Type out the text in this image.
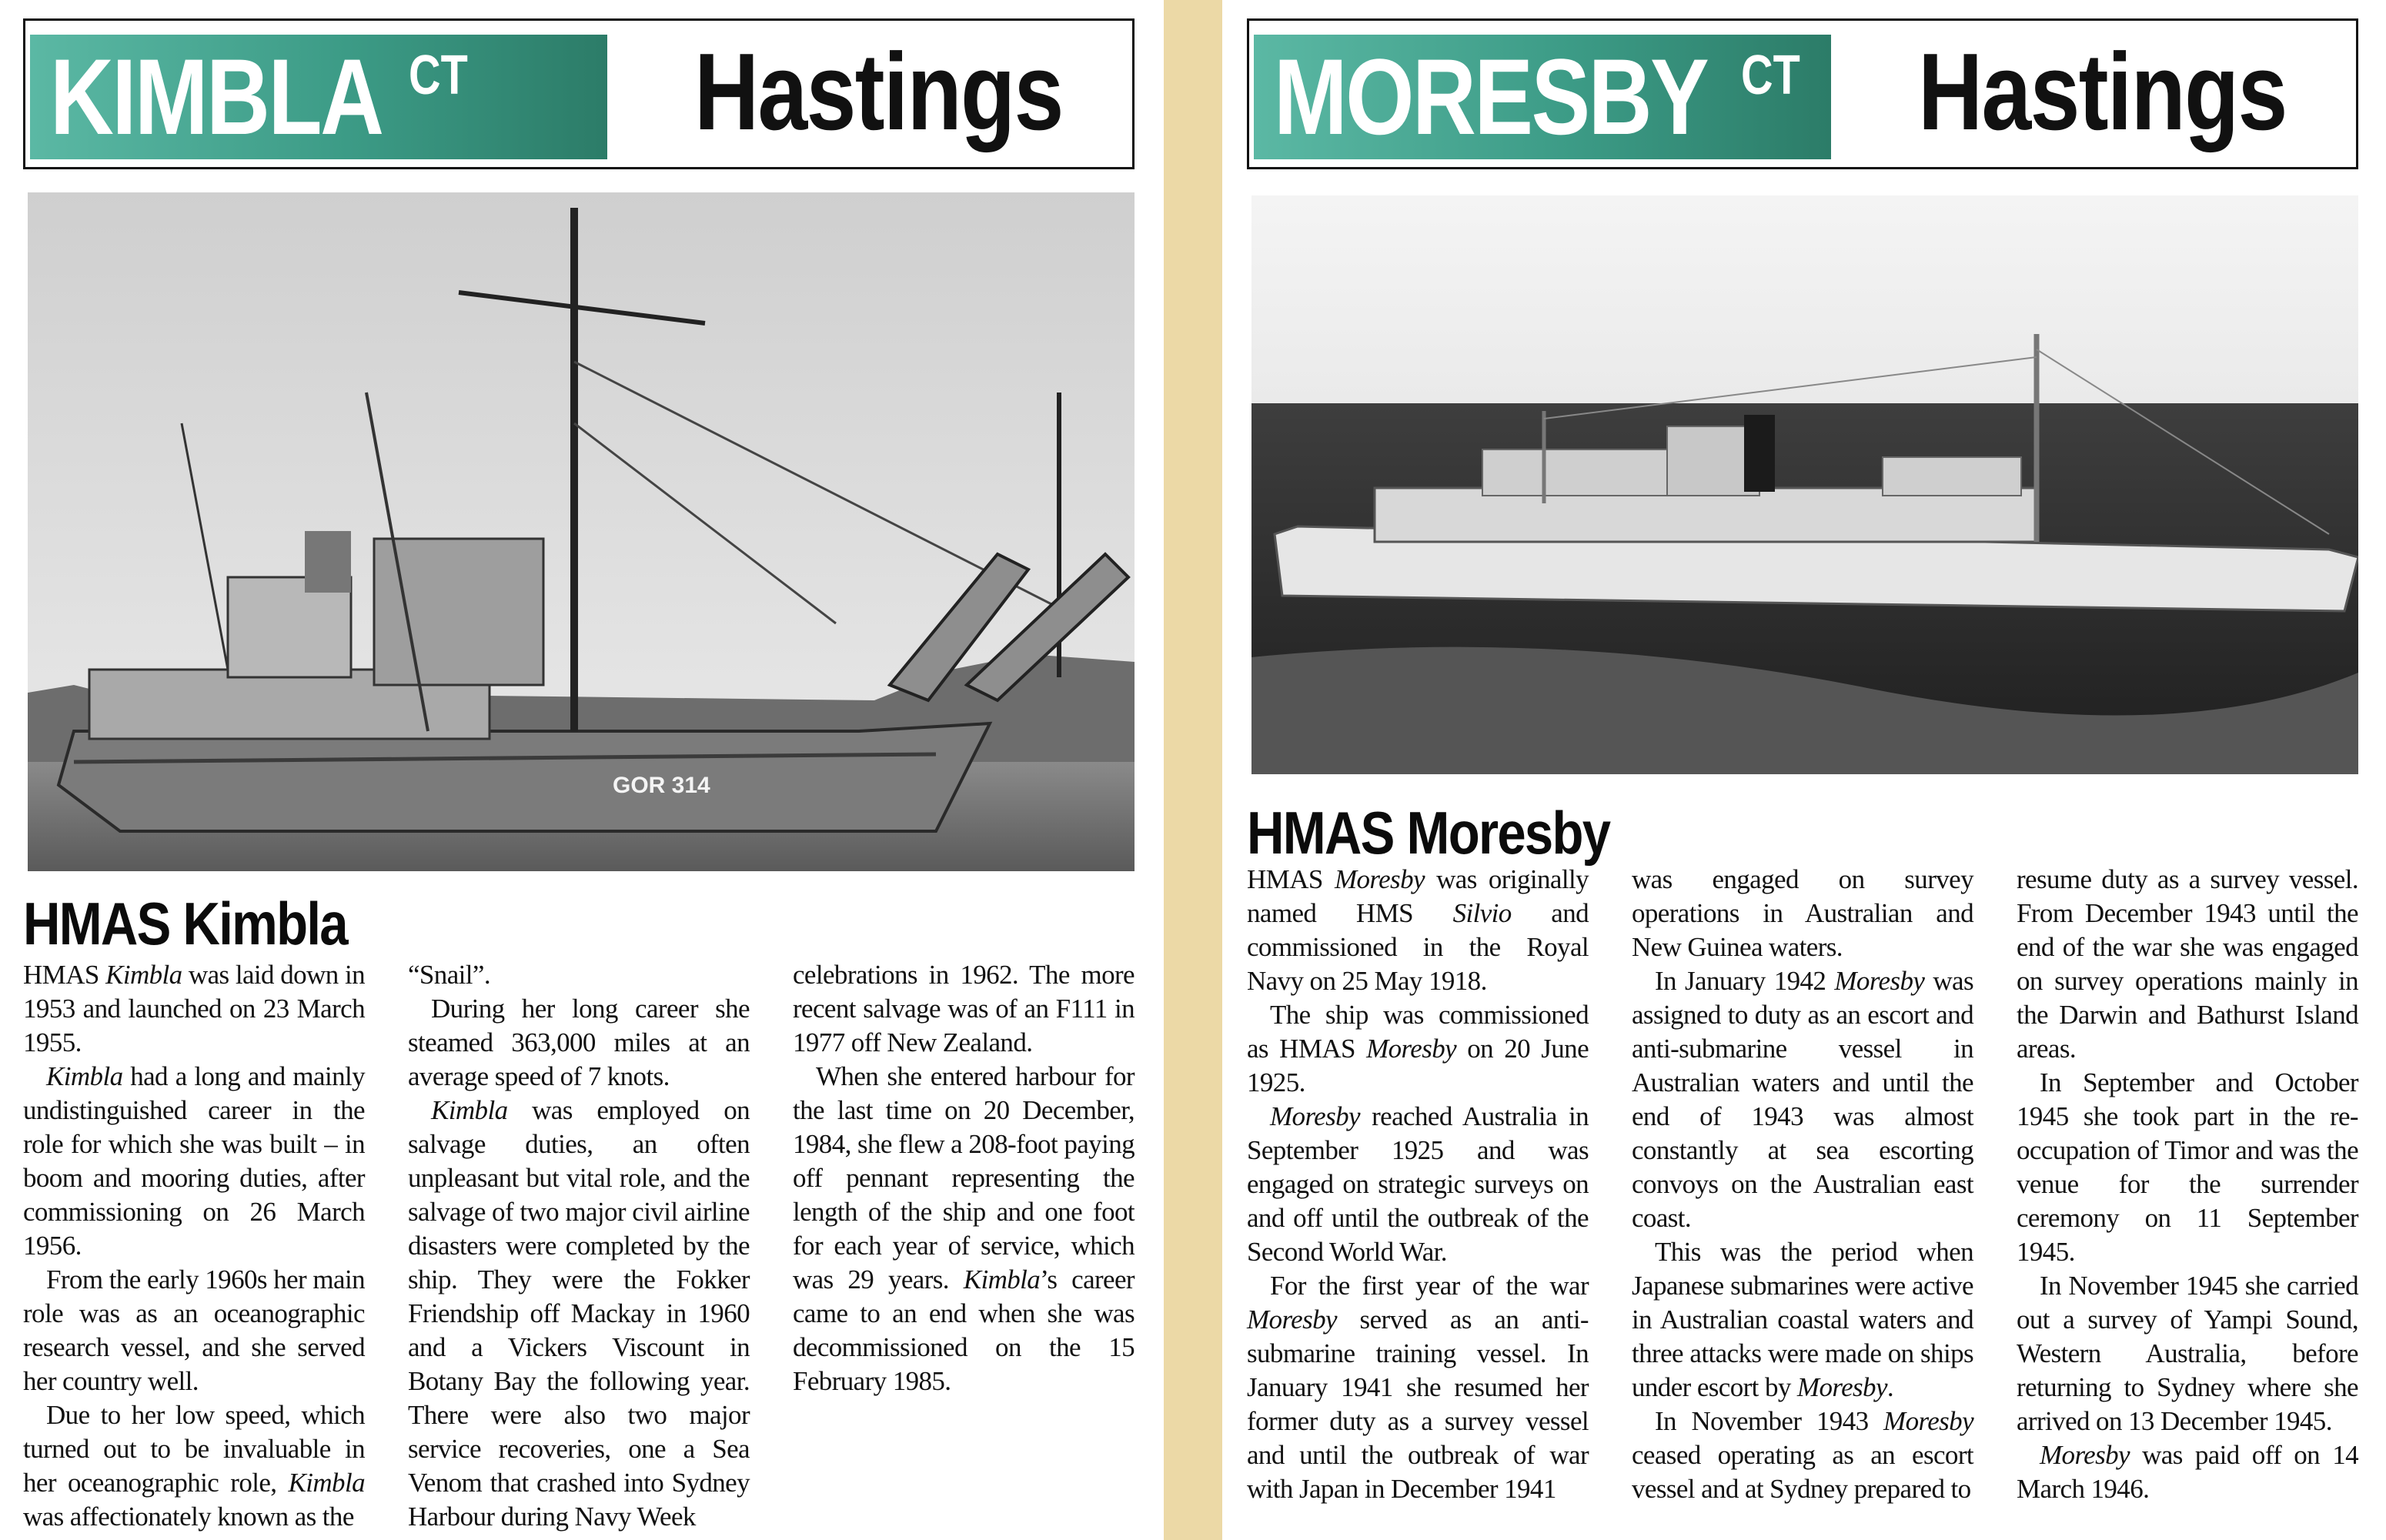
KIMBLA CT Hastings
GOR 314
HMAS Kimbla

HMAS Kimbla was laid down in 1953 and launched on 23 March 1955.

Kimbla had a long and mainly undistinguished career in the role for which she was built – in boom and mooring duties, after commissioning on 26 March 1956.

From the early 1960s her main role was as an oceanographic research vessel, and she served her country well.

Due to her low speed, which turned out to be invaluable in her oceanographic role, Kimbla was affectionately known as the

“Snail”.

During her long career she steamed 363,000 miles at an average speed of 7 knots.

Kimbla was employed on salvage duties, an often unpleasant but vital role, and the salvage of two major civil airline disasters were completed by the ship. They were the Fokker Friendship off Mackay in 1960 and a Vickers Viscount in Botany Bay the following year. There were also two major service recoveries, one a Sea Venom that crashed into Sydney Harbour during Navy Week

celebrations in 1962. The more recent salvage was of an F111 in 1977 off New Zealand.

When she entered harbour for the last time on 20 December, 1984, she flew a 208-foot paying off pennant representing the length of the ship and one foot for each year of service, which was 29 years. Kimbla’s career came to an end when she was decommissioned on the 15 February 1985.

MORESBY CT Hastings
HMAS Moresby

HMAS Moresby was originally named HMS Silvio and commissioned in the Royal Navy on 25 May 1918.

The ship was commissioned as HMAS Moresby on 20 June 1925.

Moresby reached Australia in September 1925 and was engaged on strategic surveys on and off until the outbreak of the Second World War.

For the first year of the war Moresby served as an anti-submarine training vessel. In January 1941 she resumed her former duty as a survey vessel and until the outbreak of war with Japan in December 1941

was engaged on survey operations in Australian and New Guinea waters.

In January 1942 Moresby was assigned to duty as an escort and anti-submarine vessel in Australian waters and until the end of 1943 was almost constantly at sea escorting convoys on the Australian east coast.

This was the period when Japanese submarines were active in Australian coastal waters and three attacks were made on ships under escort by Moresby.

In November 1943 Moresby ceased operating as an escort vessel and at Sydney prepared to

resume duty as a survey vessel. From December 1943 until the end of the war she was engaged on survey operations mainly in the Darwin and Bathurst Island areas.

In September and October 1945 she took part in the re-occupation of Timor and was the venue for the surrender ceremony on 11 September 1945.

In November 1945 she carried out a survey of Yampi Sound, Western Australia, before returning to Sydney where she arrived on 13 December 1945.

Moresby was paid off on 14 March 1946.
